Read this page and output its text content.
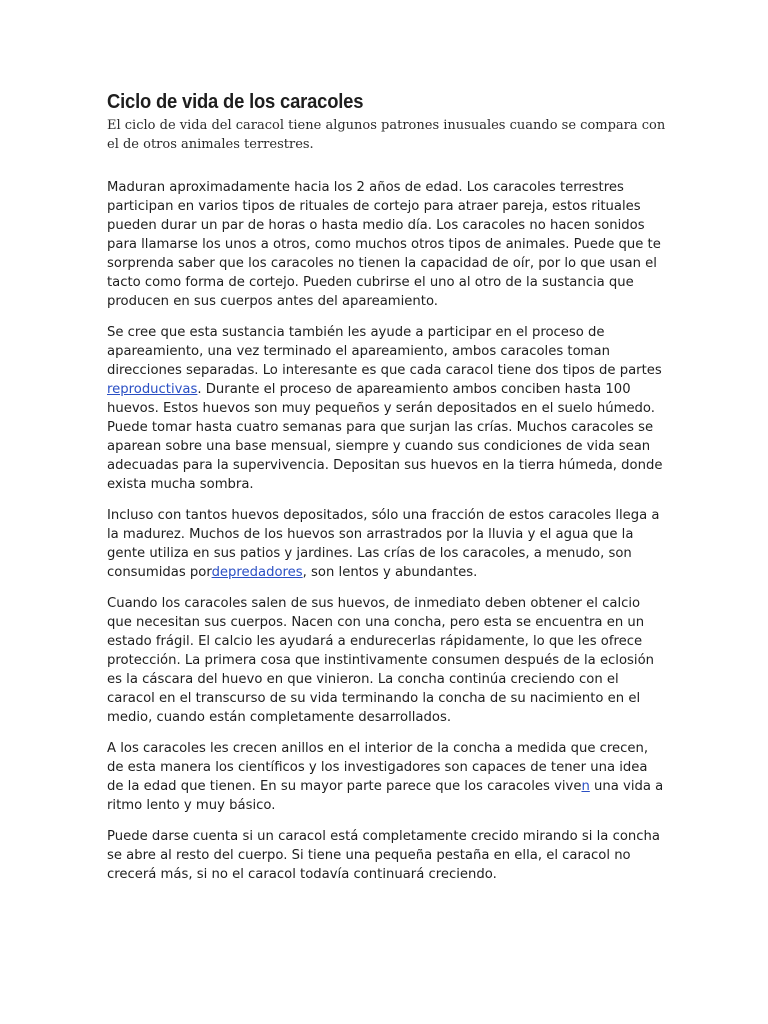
Ciclo de vida de los caracoles

El ciclo de vida del caracol tiene algunos patrones inusuales cuando se compara con el de otros animales terrestres.

Maduran aproximadamente hacia los 2 años de edad. Los caracoles terrestres participan en varios tipos de rituales de cortejo para atraer pareja, estos rituales pueden durar un par de horas o hasta medio día. Los caracoles no hacen sonidos para llamarse los unos a otros, como muchos otros tipos de animales. Puede que te sorprenda saber que los caracoles no tienen la capacidad de oír, por lo que usan el tacto como forma de cortejo. Pueden cubrirse el uno al otro de la sustancia que producen en sus cuerpos antes del apareamiento.

Se cree que esta sustancia también les ayude a participar en el proceso de apareamiento, una vez terminado el apareamiento, ambos caracoles toman direcciones separadas. Lo interesante es que cada caracol tiene dos tipos de partes reproductivas. Durante el proceso de apareamiento ambos conciben hasta 100 huevos. Estos huevos son muy pequeños y serán depositados en el suelo húmedo. Puede tomar hasta cuatro semanas para que surjan las crías. Muchos caracoles se aparean sobre una base mensual, siempre y cuando sus condiciones de vida sean adecuadas para la supervivencia. Depositan sus huevos en la tierra húmeda, donde exista mucha sombra.

Incluso con tantos huevos depositados, sólo una fracción de estos caracoles llega a la madurez. Muchos de los huevos son arrastrados por la lluvia y el agua que la gente utiliza en sus patios y jardines. Las crías de los caracoles, a menudo, son consumidas pordepredadores, son lentos y abundantes.

Cuando los caracoles salen de sus huevos, de inmediato deben obtener el calcio que necesitan sus cuerpos. Nacen con una concha, pero esta se encuentra en un estado frágil. El calcio les ayudará a endurecerlas rápidamente, lo que les ofrece protección. La primera cosa que instintivamente consumen después de la eclosión es la cáscara del huevo en que vinieron. La concha continúa creciendo con el caracol en el transcurso de su vida terminando la concha de su nacimiento en el medio, cuando están completamente desarrollados.

A los caracoles les crecen anillos en el interior de la concha a medida que crecen, de esta manera los científicos y los investigadores son capaces de tener una idea de la edad que tienen. En su mayor parte parece que los caracoles viven una vida a ritmo lento y muy básico.

Puede darse cuenta si un caracol está completamente crecido mirando si la concha se abre al resto del cuerpo. Si tiene una pequeña pestaña en ella, el caracol no crecerá más, si no el caracol todavía continuará creciendo.
